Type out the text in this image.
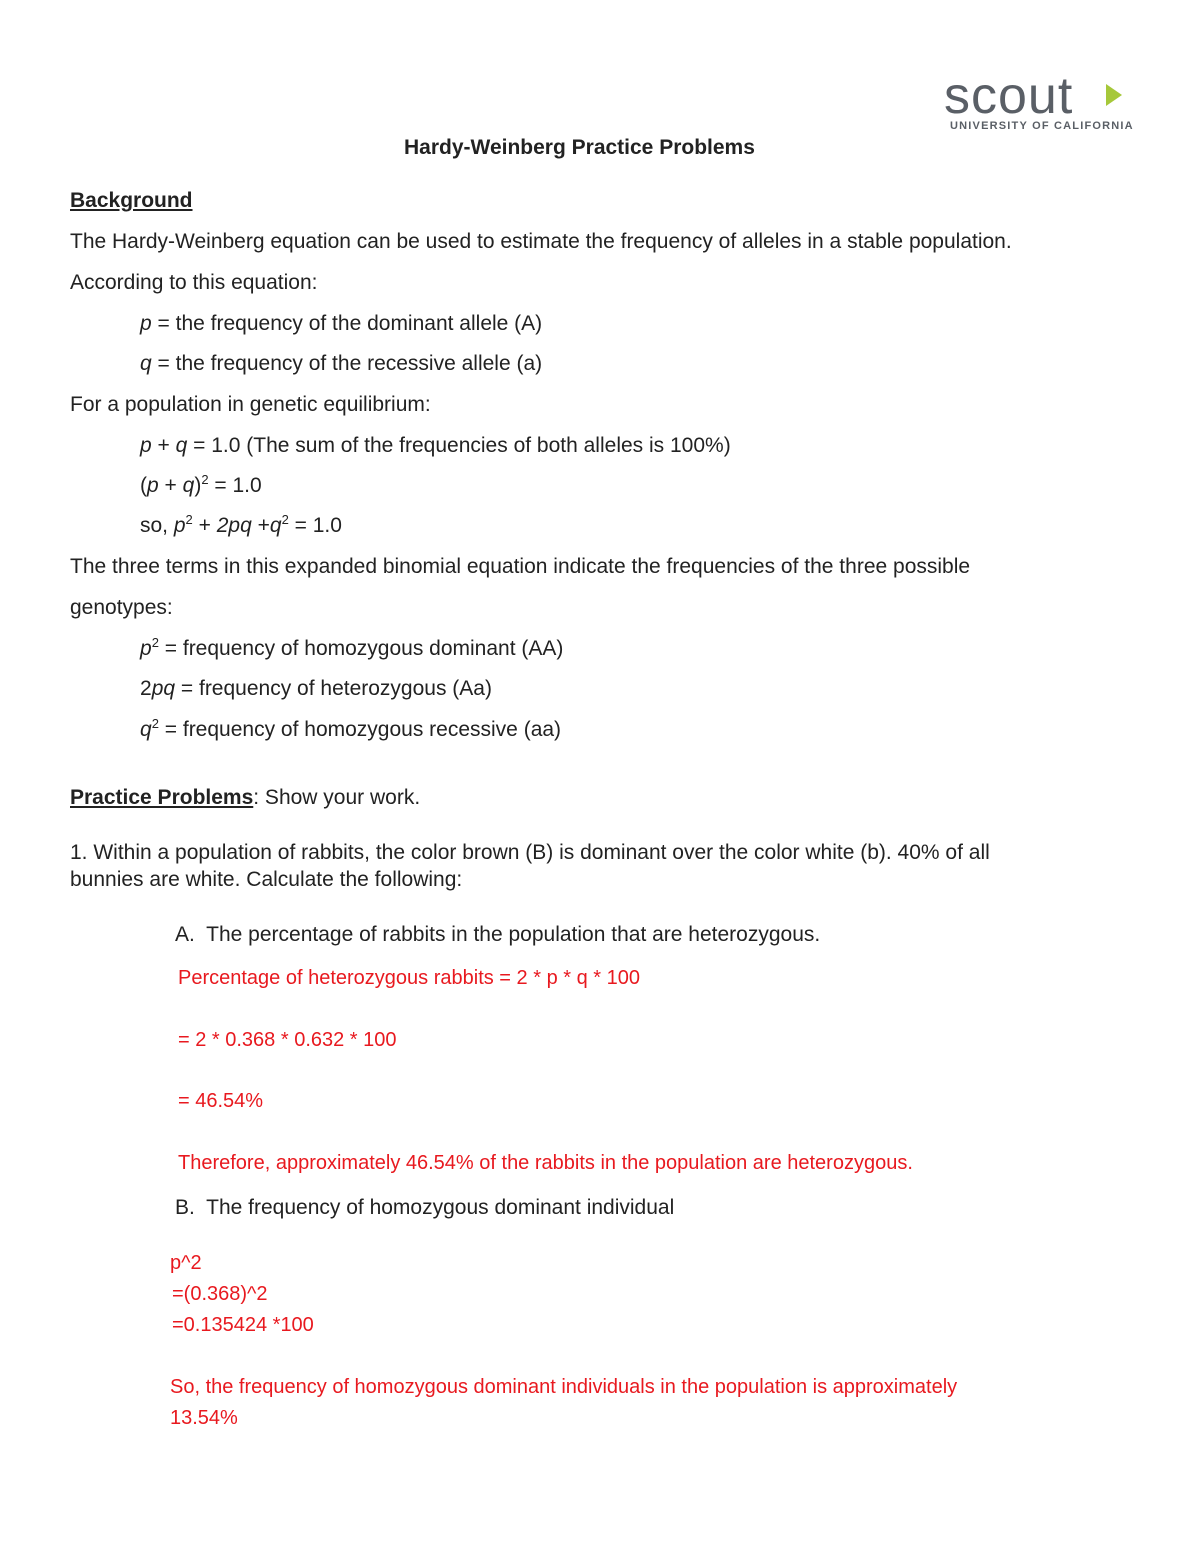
scout
UNIVERSITY OF CALIFORNIA
Hardy-Weinberg Practice Problems
Background
The Hardy-Weinberg equation can be used to estimate the frequency of alleles in a stable population.
According to this equation:
p = the frequency of the dominant allele (A)
q = the frequency of the recessive allele (a)
For a population in genetic equilibrium:
p + q = 1.0 (The sum of the frequencies of both alleles is 100%)
$(p + q)^2 = 1.0$
so, $p^2 + 2pq +q^2 = 1.0$
The three terms in this expanded binomial equation indicate the frequencies of the three possible
genotypes:
$p^2$ = frequency of homozygous dominant (AA)
2pq = frequency of heterozygous (Aa)
$q^2$ = frequency of homozygous recessive (aa)
Practice Problems: Show your work.
1. Within a population of rabbits, the color brown (B) is dominant over the color white (b). 40% of all
bunnies are white. Calculate the following:
A. The percentage of rabbits in the population that are heterozygous.
Percentage of heterozygous rabbits = 2 * p * q * 100
= 2 * 0.368 * 0.632 * 100
= 46.54%
Therefore, approximately 46.54% of the rabbits in the population are heterozygous.
B. The frequency of homozygous dominant individual
p^2
=(0.368)^2
=0.135424 *100
So, the frequency of homozygous dominant individuals in the population is approximately
13.54%
